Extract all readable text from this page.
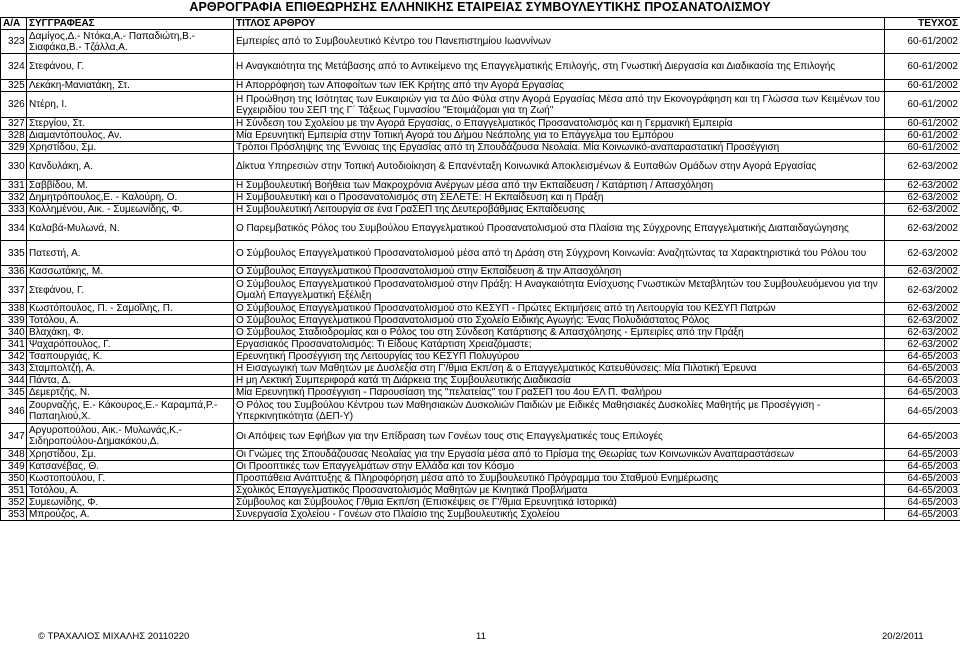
ΑΡΘΡΟΓΡΑΦΙΑ ΕΠΙΘΕΩΡΗΣΗΣ ΕΛΛΗΝΙΚΗΣ ΕΤΑΙΡΕΙΑΣ ΣΥΜΒΟΥΛΕΥΤΙΚΗΣ ΠΡΟΣΑΝΑΤΟΛΙΣΜΟΥ
Α/Α	ΣΥΓΓΡΑΦΕΑΣ	ΤΙΤΛΟΣ ΑΡΘΡΟΥ	ΤΕΥΧΟΣ
323	Δαμίγος,Δ.- Ντόκα,Α.- Παπαδιώτη,Β.- Σιαφάκα,Β.- Τζάλλα,Α.	Εμπειρίες από το Συμβουλευτικό Κέντρο του Πανεπιστημίου Ιωαννίνων	60-61/2002
324	Στεφάνου, Γ.	Η Αναγκαιότητα της Μετάβασης από το Αντικείμενο της Επαγγελματικής Επιλογής, στη Γνωστική Διεργασία και Διαδικασία της Επιλογής	60-61/2002
325	Λεκάκη-Μανιατάκη, Στ.	Η Απορρόφηση των Αποφοίτων των ΙΕΚ Κρήτης από την Αγορά Εργασίας	60-61/2002
326	Ντέρη, Ι.	Η Προώθηση της Ισότητας των Ευκαιριών για τα Δύο Φύλα στην Αγορά Εργασίας Μέσα από την Εκονογράφηση και τη Γλώσσα των Κειμένων του Εγχειριδίου του ΣΕΠ της Γ΄ Τάξεως Γυμνασίου "Ετοιμάζομαι για τη Ζωή"	60-61/2002
327	Στεργίου, Στ.	Η Σύνδεση του Σχολείου με την Αγορά Εργασίας, ο Επαγγελματικός Προσανατολισμός και η Γερμανική Εμπειρία	60-61/2002
328	Διαμαντόπουλος, Αν.	Μία Ερευνητική Εμπειρία στην Τοπική Αγορά του Δήμου Νεάπολης για το Επάγγελμα του Εμπόρου	60-61/2002
329	Χρηστίδου, Σμ.	Τρόποι Πρόσληψης της Έννοιας της Εργασίας από τη Σπουδάζουσα Νεολαία. Μία Κοινωνικό-αναπαραστατική Προσέγγιση	60-61/2002
330	Κανδυλάκη, Α.	Δίκτυα Υπηρεσιών στην Τοπική Αυτοδιοίκηση & Επανένταξη Κοινωνικά Αποκλεισμένων & Ευπαθών Ομάδων στην Αγορά Εργασίας	62-63/2002
331	Σαββίδου, Μ.	Η Συμβουλευτική Βοήθεια των Μακροχρόνια Ανέργων μέσα από την Εκπαίδευση / Κατάρτιση / Απασχόληση	62-63/2002
332	Δημητρόπουλος,Ε. - Καλούρη, Ο.	Η Συμβουλευτική και ο Προσανατολισμός στη ΣΕΛΕΤΕ: Η Εκπαίδευση και η Πράξη	62-63/2002
333	Κολλημένου, Αικ. - Συμεωνίδης, Φ.	Η Συμβουλευτική Λειτουργία σε ένα ΓραΣΕΠ της Δευτεροβάθμιας Εκπαίδευσης	62-63/2002
334	Καλαβά-Μυλωνά, Ν.	Ο Παρεμβατικός Ρόλος του Συμβούλου Επαγγελματικού Προσανατολισμού στα Πλαίσια της Σύγχρονης Επαγγελματικής Διαπαιδαγώγησης	62-63/2002
335	Πατεστή, Α.	Ο Σύμβουλος Επαγγελματικού Προσανατολισμού μέσα από τη Δράση στη Σύγχρονη Κοινωνία: Αναζητώντας τα Χαρακτηριστικά του Ρόλου του	62-63/2002
336	Κασσωτάκης, Μ.	Ο Σύμβουλος Επαγγελματικού Προσανατολισμού στην Εκπαίδευση & την Απασχόληση	62-63/2002
337	Στεφάνου, Γ.	Ο Σύμβουλος Επαγγελματικού Προσανατολισμού στην Πράξη: Η Αναγκαιότητα Ενίσχυσης Γνωστικών Μεταβλητών του Συμβουλευόμενου για την Ομαλή Επαγγελματική Εξέλιξη	62-63/2002
338	Κωστόπουλος, Π. - Σαμοΐλης, Π.	Ο Σύμβουλος Επαγγελματικού Προσανατολισμού στο ΚΕΣΥΠ - Πρώτες Εκτιμήσεις από τη Λειτουργία του ΚΕΣΥΠ Πατρών	62-63/2002
339	Τοτόλου, Α.	Ο Σύμβουλος Επαγγελματικού Προσανατολισμού στο Σχολείο Ειδικής Αγωγής: Ένας Πολυδιάστατος Ρόλος	62-63/2002
340	Βλαχάκη, Φ.	Ο Σύμβουλος Σταδιοδρομίας και ο Ρόλος του στη Σύνδεση Κατάρτισης & Απασχόλησης - Εμπειρίες από την Πράξη	62-63/2002
341	Ψαχαρόπουλος, Γ.	Εργασιακός Προσανατολισμός: Τι Είδους Κατάρτιση Χρειαζόμαστε;	62-63/2002
342	Τσαπουργιάς, Κ.	Ερευνητική Προσέγγιση της Λειτουργίας του ΚΕΣΥΠ Πολυγύρου	64-65/2003
343	Σταμπολτζή, Α.	Η Εισαγωγική των Μαθητών με Δυσλεξία στη Γ'/θμια Εκπ/ση & ο Επαγγελματικός Κατευθύνσεις: Μία Πιλοτική Έρευνα	64-65/2003
344	Πάντα, Δ.	Η μη Λεκτική Συμπεριφορά κατά τη Διάρκεια της Συμβουλευτικής Διαδικασία	64-65/2003
345	Δεμερτζής, Ν.	Μία Ερευνητική Προσέγγιση - Παρουσίαση της "πελατείας" του ΓραΣΕΠ του 4ου ΕΛ Π. Φαλήρου	64-65/2003
346	Ζουρναζής, Ε.- Κάκουρος,Ε.- Καραμπά,Ρ.- Παπαηλιού,Χ.	Ο Ρόλος του Συμβούλου Κέντρου των Μαθησιακών Δυσκολιών Παιδιών με Ειδικές Μαθησιακές Δυσκολίες Μαθητής με Προσέγγιση - Υπερκινητικότητα (ΔΕΠ-Υ)	64-65/2003
347	Αργυροπούλου, Αικ.- Μυλωνάς,Κ.- Σιδηροπούλου-Δημακάκου,Δ.	Οι Απόψεις των Εφήβων για την Επίδραση των Γονέων τους στις Επαγγελματικές τους Επιλογές	64-65/2003
348	Χρηστίδου, Σμ.	Οι Γνώμες της Σπουδάζουσας Νεολαίας για την Εργασία μέσα από το Πρίσμα της Θεωρίας των Κοινωνικών Αναπαραστάσεων	64-65/2003
349	Κατσανέβας, Θ.	Οι Προοπτικές των Επαγγελμάτων στην Ελλάδα και τον Κόσμο	64-65/2003
350	Κωστοπούλου, Γ.	Προσπάθεια Ανάπτυξης & Πληροφόρηση μέσα από το Συμβουλευτικό Πρόγραμμα του Σταθμού Ενημέρωσης	64-65/2003
351	Τοτόλου, Α.	Σχολικός Επαγγελματικός Προσανατολισμός Μαθητών με Κινητικά Προβλήματα	64-65/2003
352	Συμεωνίδης, Φ.	Σύμβουλος και Σύμβουλος Γ/θμια Εκπ/ση (Επισκέψεις σε Γ'/θμια Ερευνητικά Ιστορικά)	64-65/2003
353	Μπρούζος, Α.	Συνεργασία Σχολείου - Γονέων στο Πλαίσιο της Συμβουλευτικής Σχολείου	64-65/2003
© ΤΡΑΧΑΛΙΟΣ ΜΙΧΑΛΗΣ 20110220	11	20/2/2011
